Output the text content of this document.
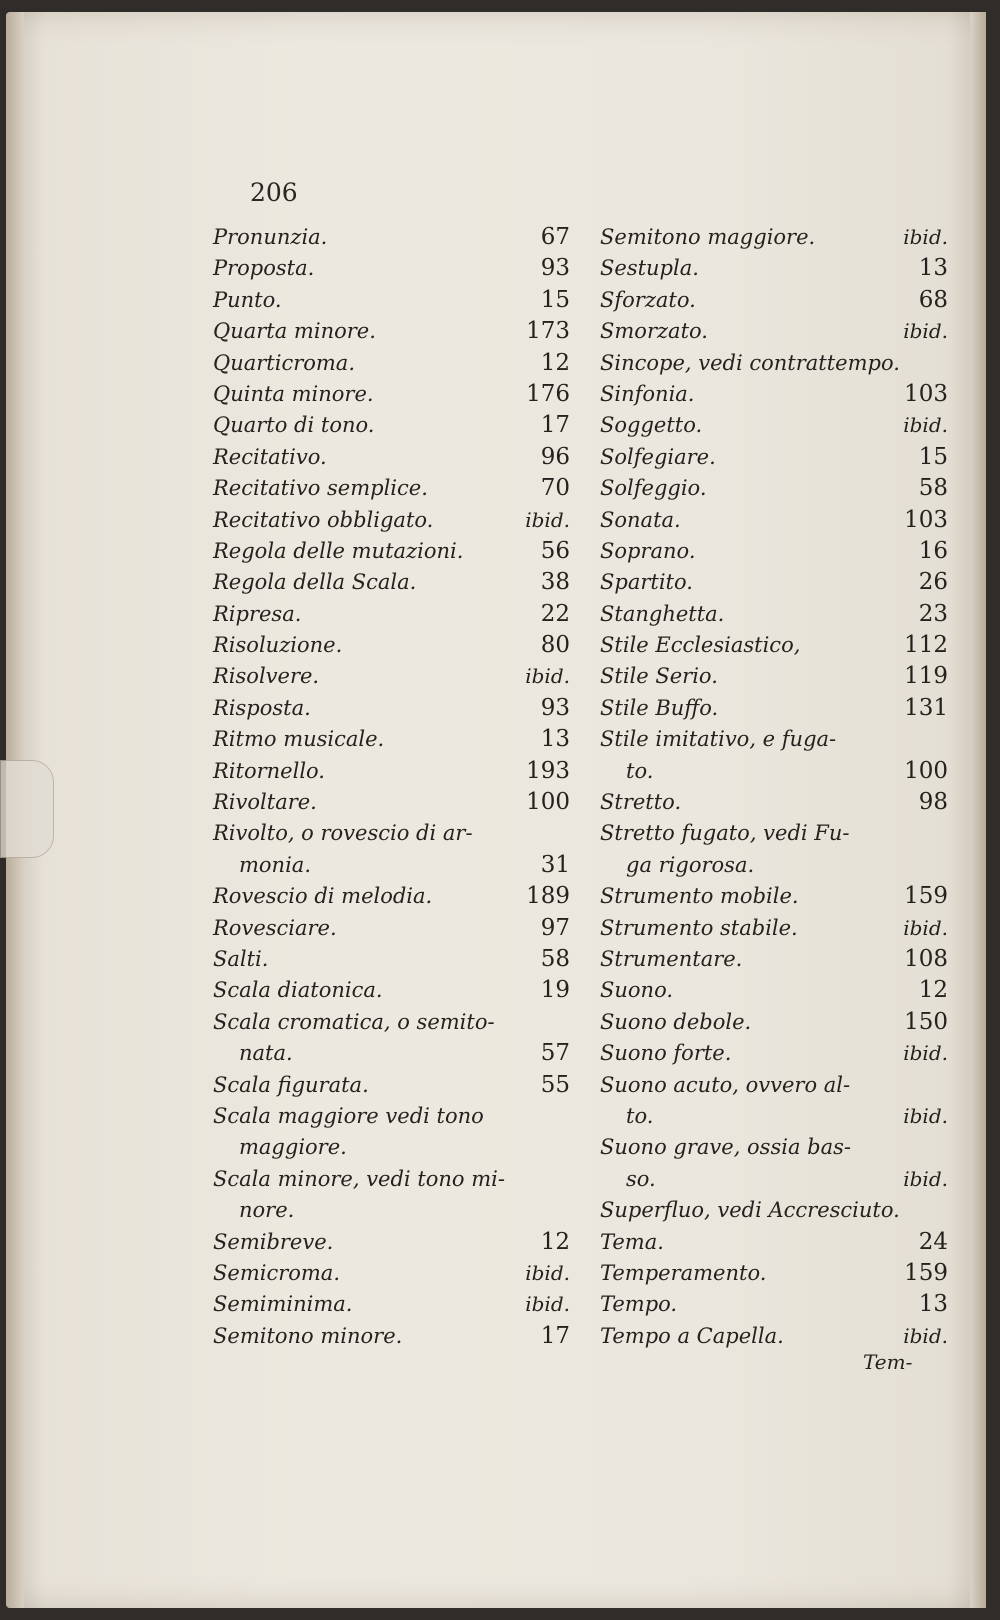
206
Pronunzia.	67
Proposta.	93
Punto.	15
Quarta minore.	173
Quarticroma.	12
Quinta minore.	176
Quarto di tono.	17
Recitativo.	96
Recitativo semplice.	70
Recitativo obbligato.	ibid.
Regola delle mutazioni.	56
Regola della Scala.	38
Ripresa.	22
Risoluzione.	80
Risolvere.	ibid.
Risposta.	93
Ritmo musicale.	13
Ritornello.	193
Rivoltare.	100
Rivolto, o rovescio di ar-
monia.	31
Rovescio di melodia.	189
Rovesciare.	97
Salti.	58
Scala diatonica.	19
Scala cromatica, o semito-
nata.	57
Scala figurata.	55
Scala maggiore vedi tono
maggiore.
Scala minore, vedi tono mi-
nore.
Semibreve.	12
Semicroma.	ibid.
Semiminima.	ibid.
Semitono minore.	17
Semitono maggiore.	ibid.
Sestupla.	13
Sforzato.	68
Smorzato.	ibid.
Sincope, vedi contrattempo.
Sinfonia.	103
Soggetto.	ibid.
Solfegiare.	15
Solfeggio.	58
Sonata.	103
Soprano.	16
Spartito.	26
Stanghetta.	23
Stile Ecclesiastico,	112
Stile Serio.	119
Stile Buffo.	131
Stile imitativo, e fuga-
to.	100
Stretto.	98
Stretto fugato, vedi Fu-
ga rigorosa.
Strumento mobile.	159
Strumento stabile.	ibid.
Strumentare.	108
Suono.	12
Suono debole.	150
Suono forte.	ibid.
Suono acuto, ovvero al-
to.	ibid.
Suono grave, ossia bas-
so.	ibid.
Superfluo, vedi Accresciuto.
Tema.	24
Temperamento.	159
Tempo.	13
Tempo a Capella.	ibid.
Tem-
